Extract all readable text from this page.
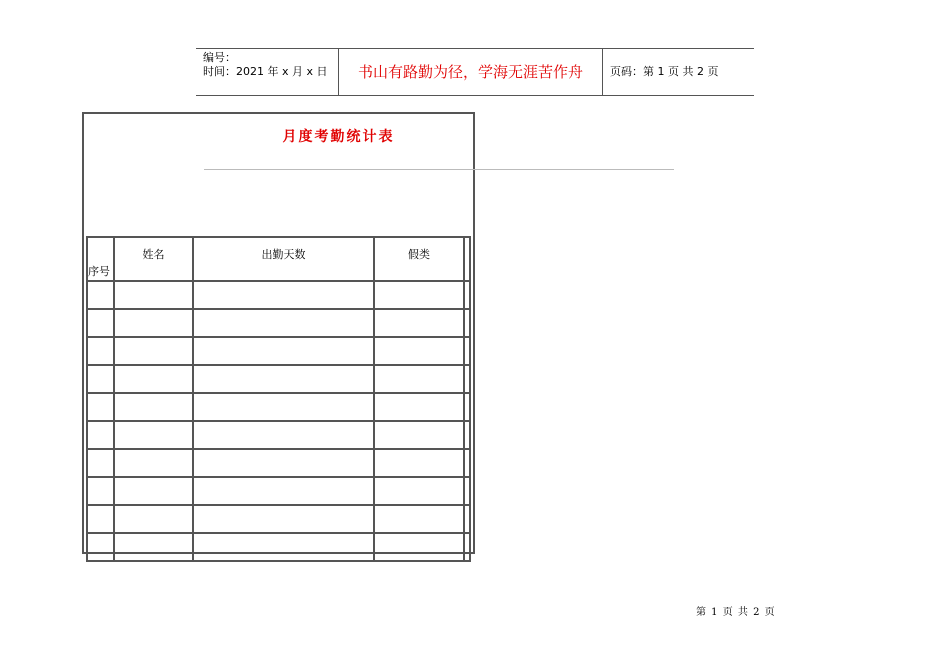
编号：
时间：2021 年 x 月 x 日	书山有路勤为径，学海无涯苦作舟	页码：第 1 页 共 2 页
月度考勤统计表
序号	姓名	出勤天数	假类	

第 1 页 共 2 页
